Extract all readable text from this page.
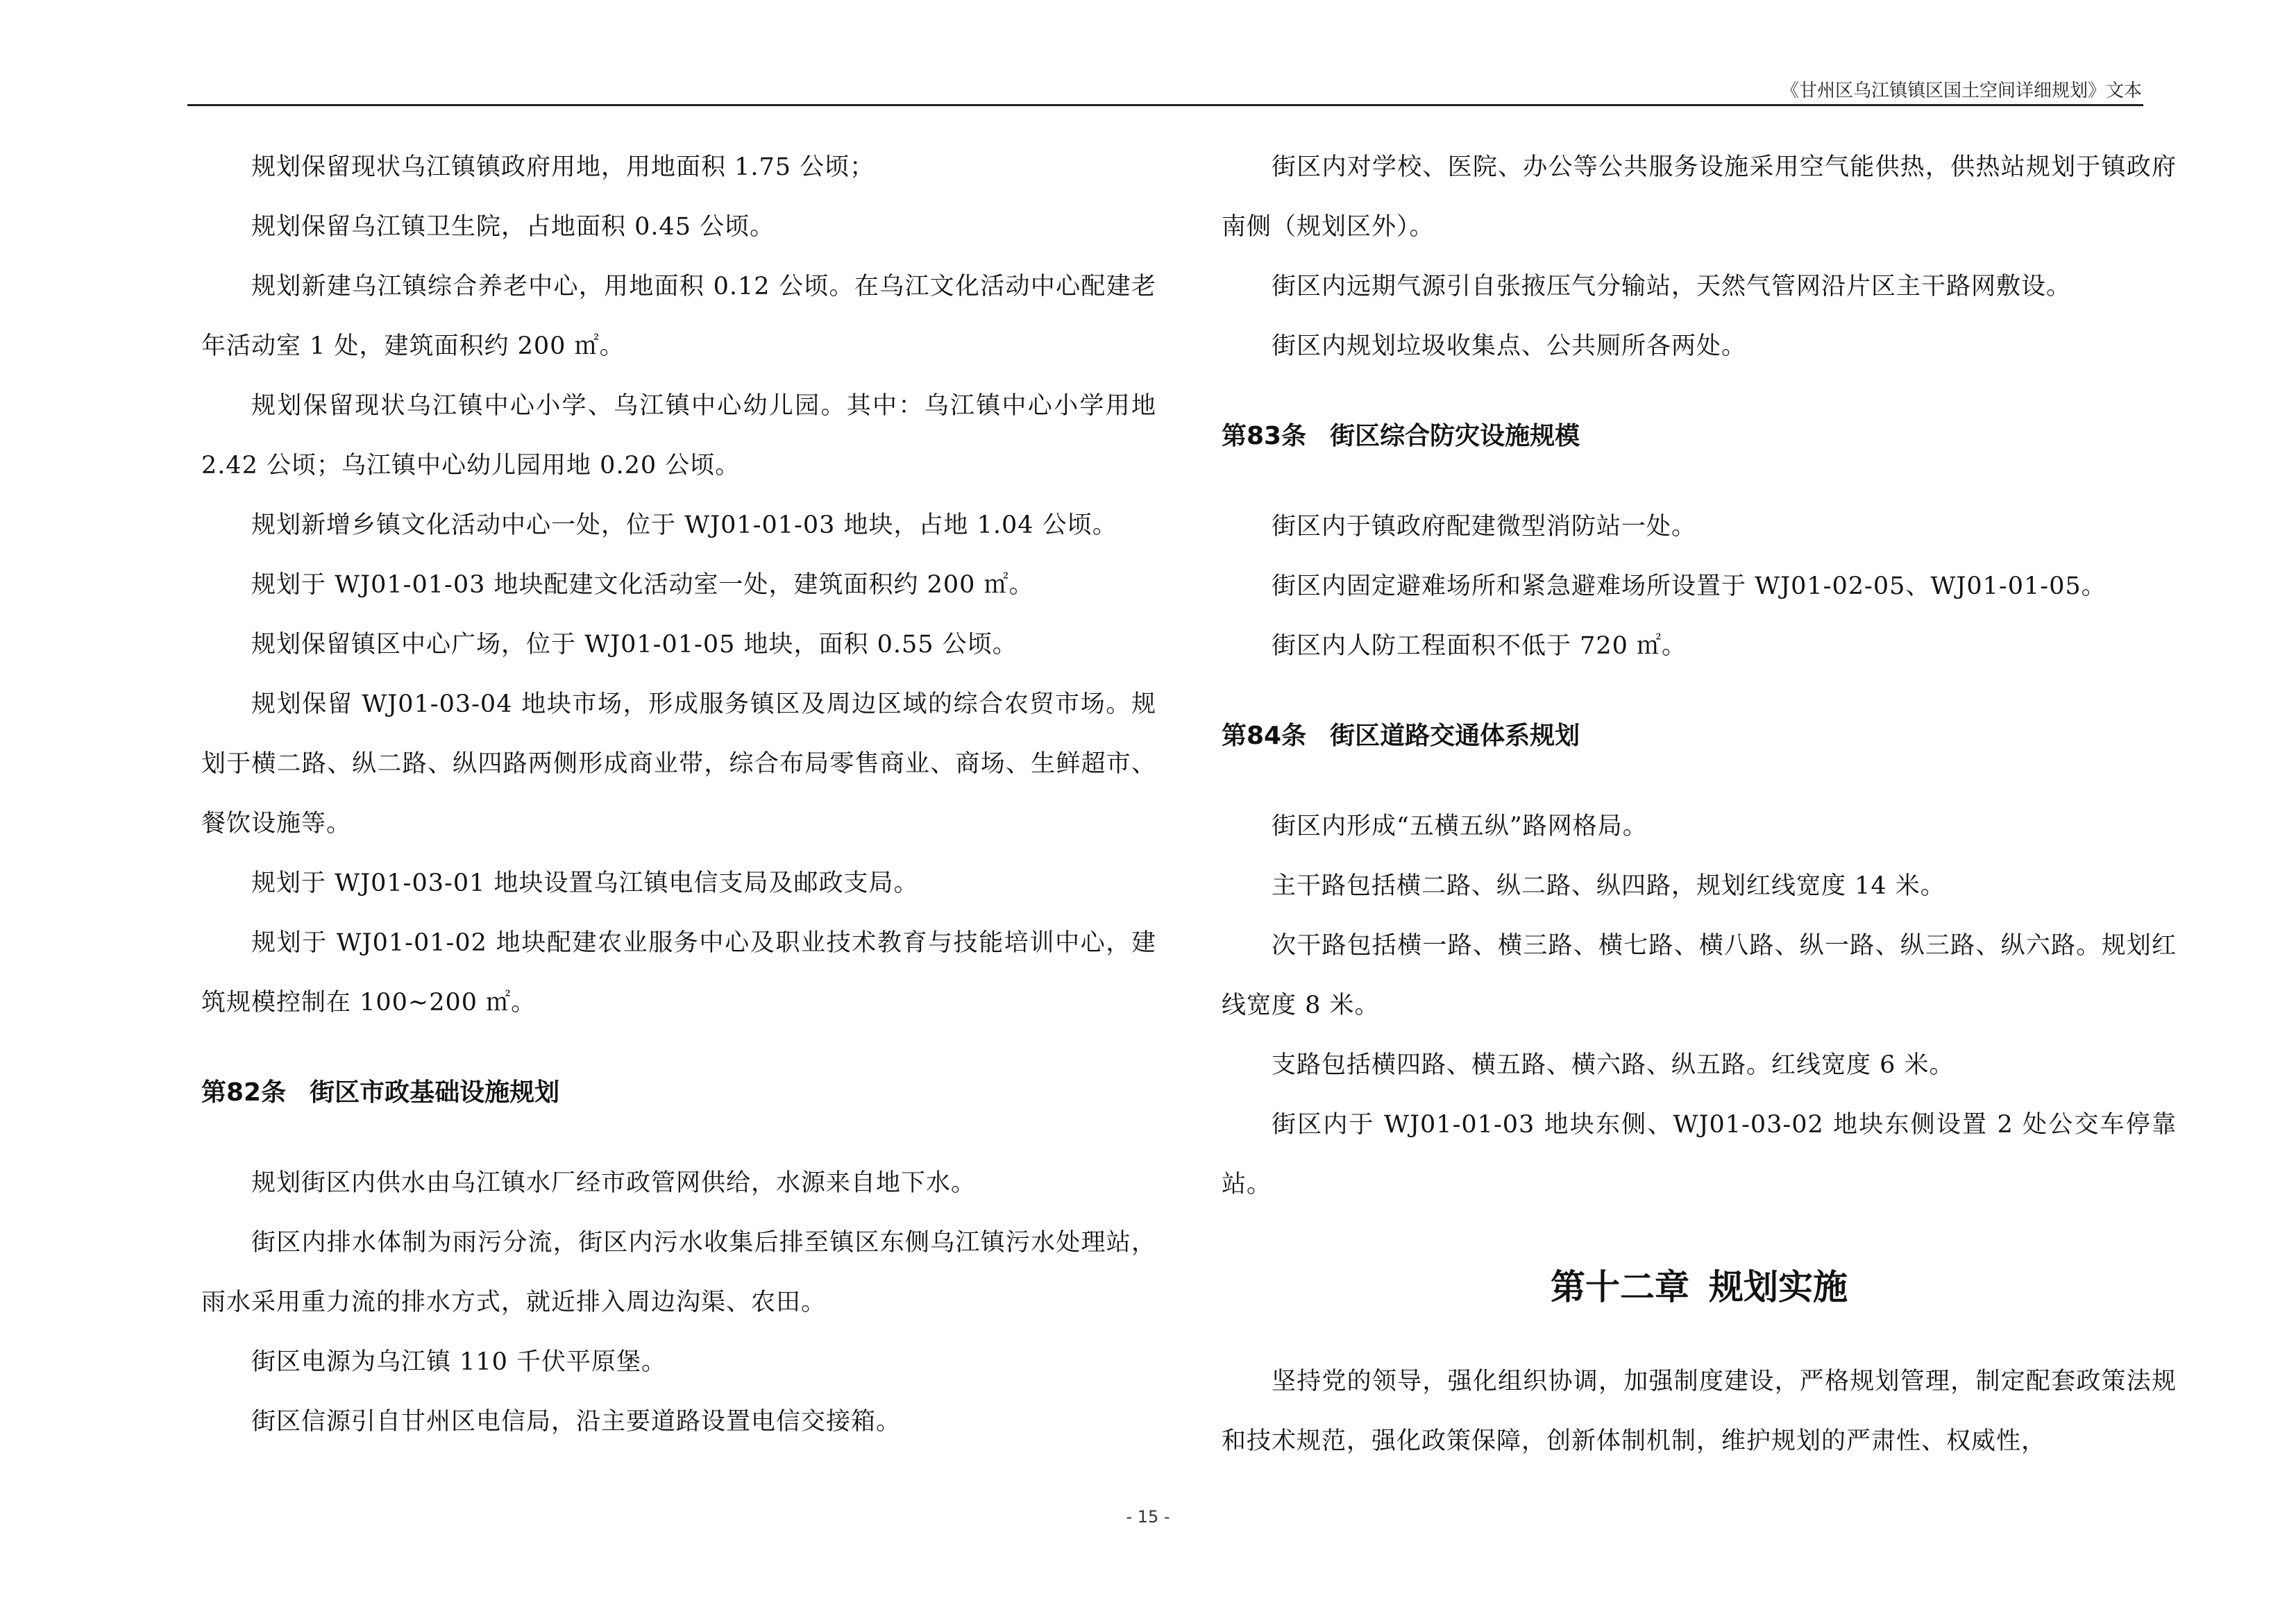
《甘州区乌江镇镇区国土空间详细规划》文本

规划保留现状乌江镇镇政府用地，用地面积 1.75 公顷；

规划保留乌江镇卫生院，占地面积 0.45 公顷。

规划新建乌江镇综合养老中心，用地面积 0.12 公顷。在乌江文化活动中心配建老年活动室 1 处，建筑面积约 200 ㎡。

规划保留现状乌江镇中心小学、乌江镇中心幼儿园。其中：乌江镇中心小学用地 2.42 公顷；乌江镇中心幼儿园用地 0.20 公顷。

规划新增乡镇文化活动中心一处，位于 WJ01-01-03 地块，占地 1.04 公顷。

规划于 WJ01-01-03 地块配建文化活动室一处，建筑面积约 200 ㎡。

规划保留镇区中心广场，位于 WJ01-01-05 地块，面积 0.55 公顷。

规划保留 WJ01-03-04 地块市场，形成服务镇区及周边区域的综合农贸市场。规划于横二路、纵二路、纵四路两侧形成商业带，综合布局零售商业、商场、生鲜超市、餐饮设施等。

规划于 WJ01-03-01 地块设置乌江镇电信支局及邮政支局。

规划于 WJ01-01-02 地块配建农业服务中心及职业技术教育与技能培训中心，建筑规模控制在 100~200 ㎡。

第82条 街区市政基础设施规划

规划街区内供水由乌江镇水厂经市政管网供给，水源来自地下水。

街区内排水体制为雨污分流，街区内污水收集后排至镇区东侧乌江镇污水处理站，雨水采用重力流的排水方式，就近排入周边沟渠、农田。

街区电源为乌江镇 110 千伏平原堡。

街区信源引自甘州区电信局，沿主要道路设置电信交接箱。

街区内对学校、医院、办公等公共服务设施采用空气能供热，供热站规划于镇政府南侧（规划区外）。

街区内远期气源引自张掖压气分输站，天然气管网沿片区主干路网敷设。

街区内规划垃圾收集点、公共厕所各两处。

第83条 街区综合防灾设施规模

街区内于镇政府配建微型消防站一处。

街区内固定避难场所和紧急避难场所设置于 WJ01-02-05、WJ01-01-05。

街区内人防工程面积不低于 720 ㎡。

第84条 街区道路交通体系规划

街区内形成“五横五纵”路网格局。

主干路包括横二路、纵二路、纵四路，规划红线宽度 14 米。

次干路包括横一路、横三路、横七路、横八路、纵一路、纵三路、纵六路。规划红线宽度 8 米。

支路包括横四路、横五路、横六路、纵五路。红线宽度 6 米。

街区内于 WJ01-01-03 地块东侧、WJ01-03-02 地块东侧设置 2 处公交车停靠站。

第十二章 规划实施

坚持党的领导，强化组织协调，加强制度建设，严格规划管理，制定配套政策法规和技术规范，强化政策保障，创新体制机制，维护规划的严肃性、权威性，

- 15 -
